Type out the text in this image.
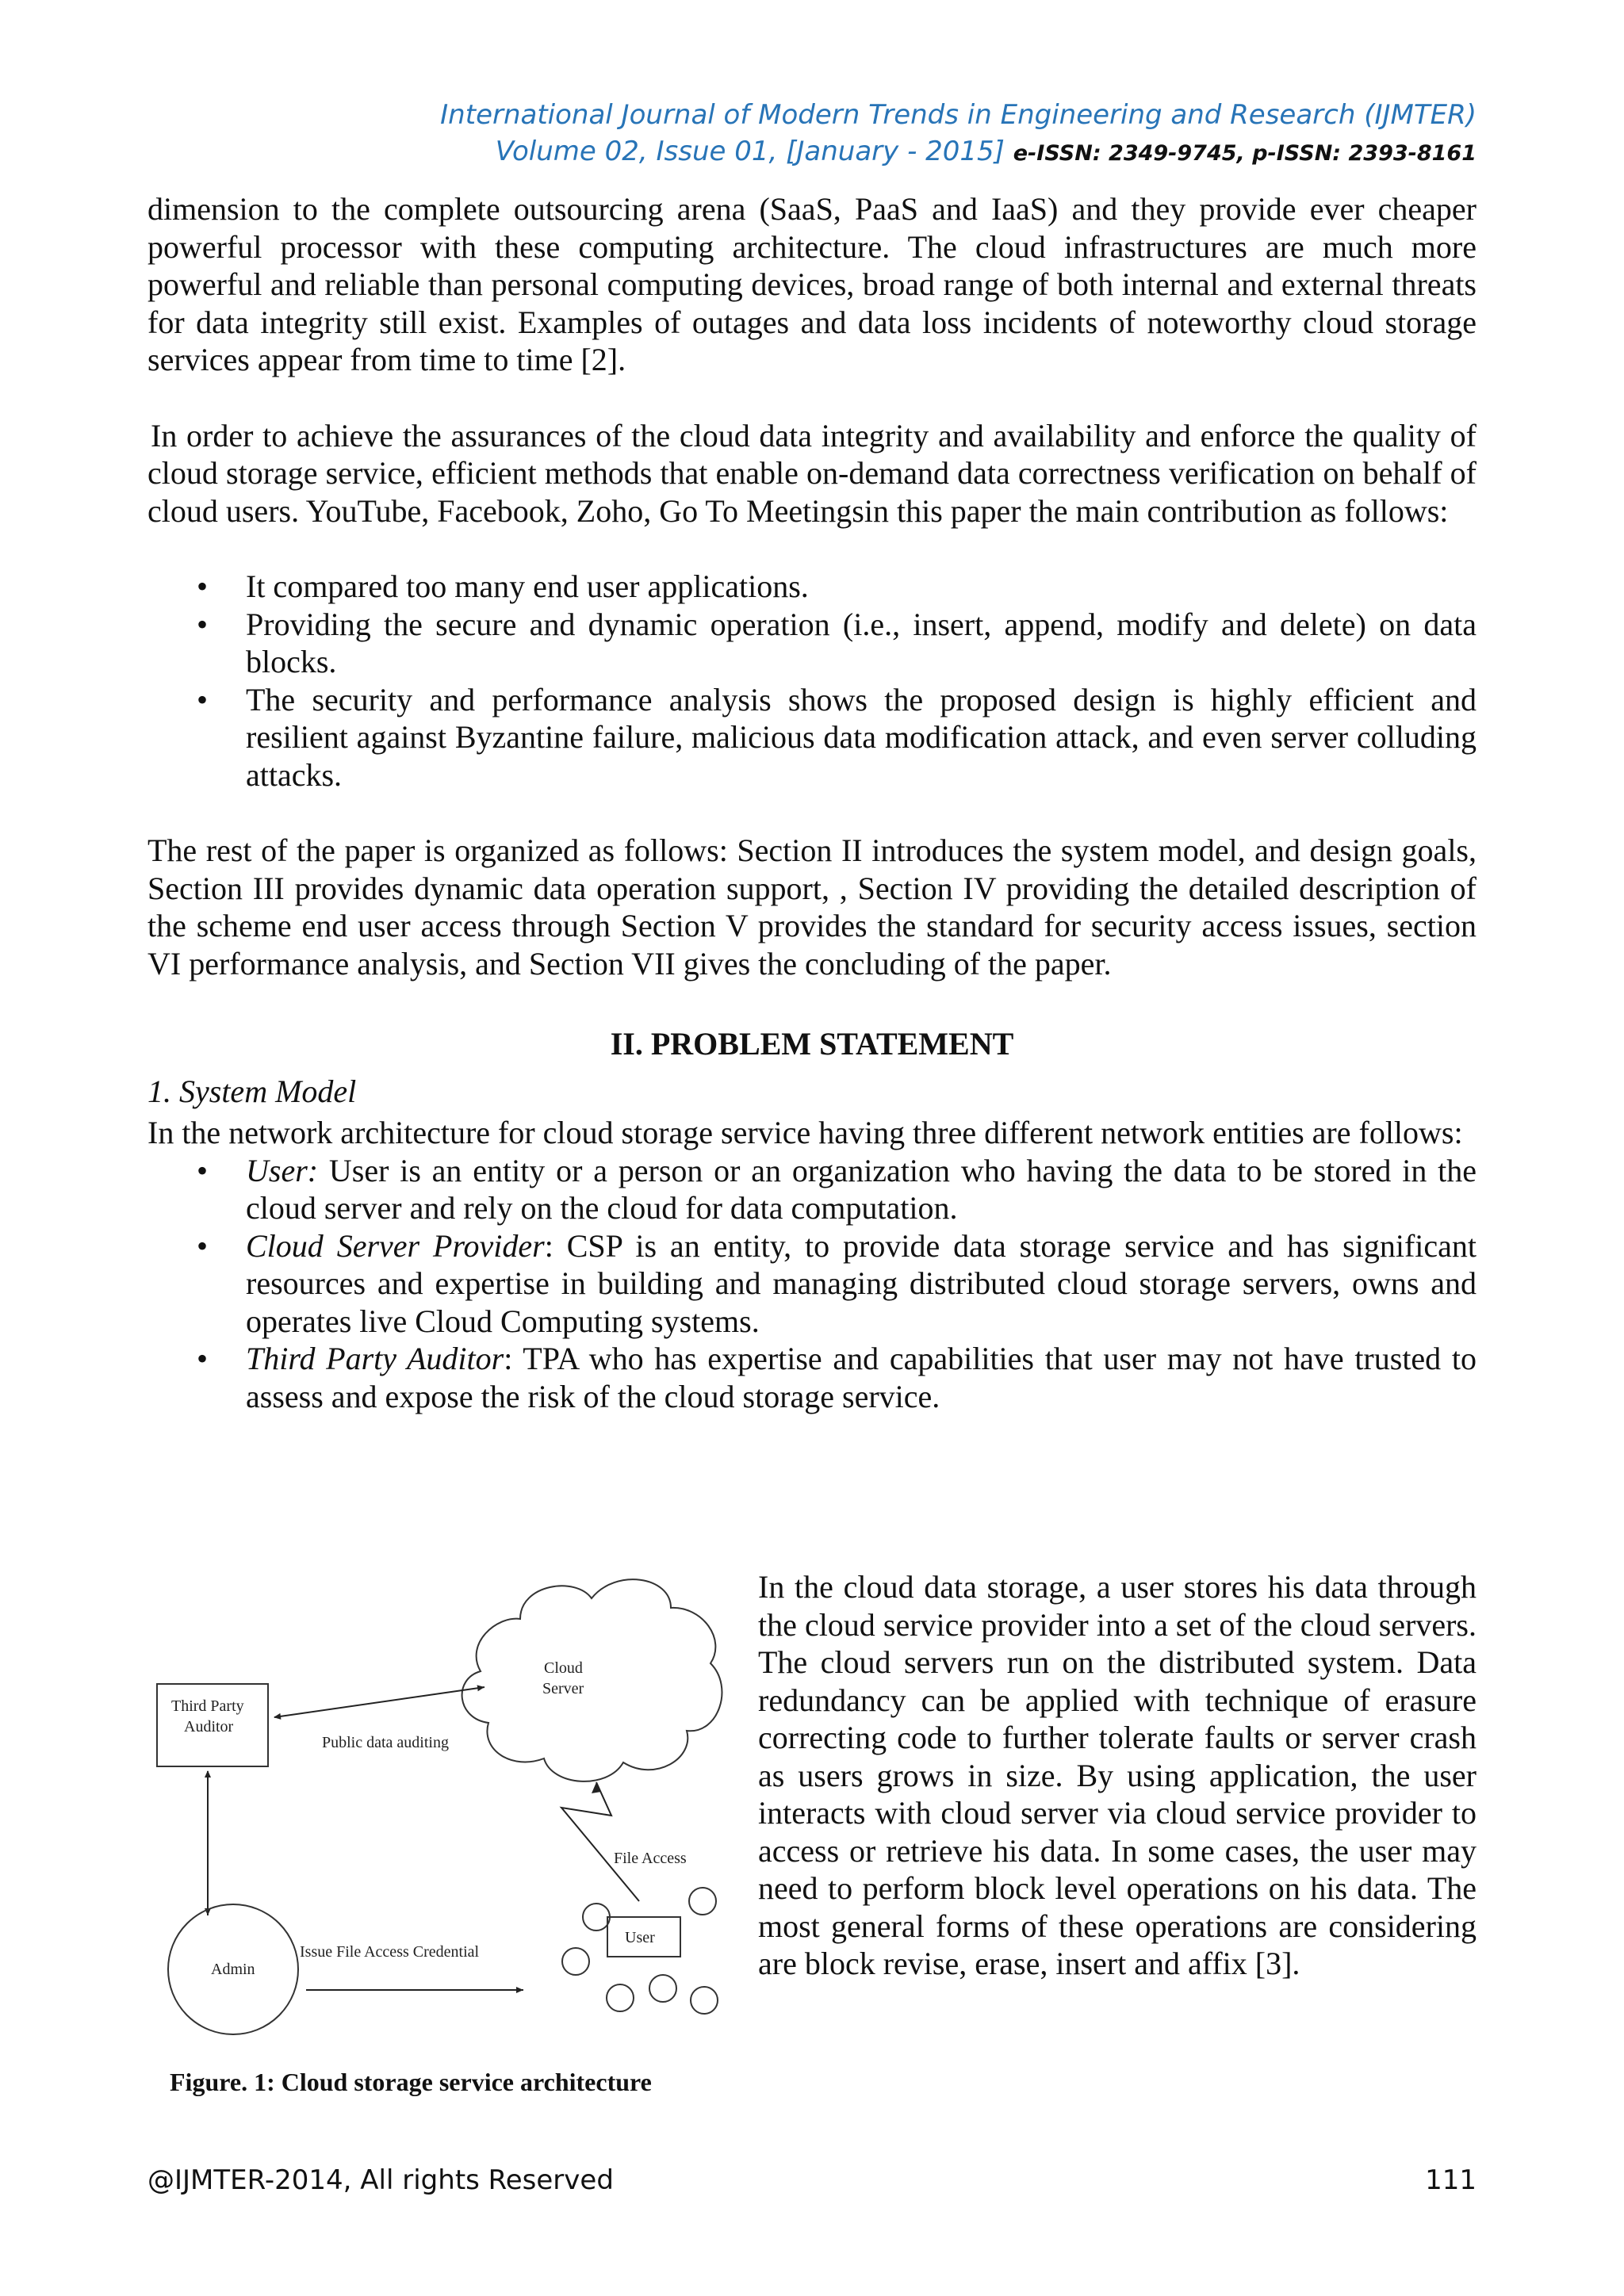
International Journal of Modern Trends in Engineering and Research (IJMTER)
Volume 02, Issue 01, [January - 2015] e-ISSN: 2349-9745, p-ISSN: 2393-8161

dimension to the complete outsourcing arena (SaaS, PaaS and IaaS) and they provide ever cheaper powerful processor with these computing architecture. The cloud infrastructures are much more powerful and reliable than personal computing devices, broad range of both internal and external threats for data integrity still exist. Examples of outages and data loss incidents of noteworthy cloud storage services appear from time to time [2].

In order to achieve the assurances of the cloud data integrity and availability and enforce the quality of cloud storage service, efficient methods that enable on-demand data correctness verification on behalf of cloud users. YouTube, Facebook, Zoho, Go To Meetingsin this paper the main contribution as follows:

• It compared too many end user applications.
• Providing the secure and dynamic operation (i.e., insert, append, modify and delete) on data blocks.
• The security and performance analysis shows the proposed design is highly efficient and resilient against Byzantine failure, malicious data modification attack, and even server colluding attacks.

The rest of the paper is organized as follows: Section II introduces the system model, and design goals, Section III provides dynamic data operation support, , Section IV providing the detailed description of the scheme end user access through Section V provides the standard for security access issues, section VI performance analysis, and Section VII gives the concluding of the paper.

II. PROBLEM STATEMENT
1. System Model

In the network architecture for cloud storage service having three different network entities are follows:

• User: User is an entity or a person or an organization who having the data to be stored in the cloud server and rely on the cloud for data computation.
• Cloud Server Provider: CSP is an entity, to provide data storage service and has significant resources and expertise in building and managing distributed cloud storage servers, owns and operates live Cloud Computing systems.
• Third Party Auditor: TPA who has expertise and capabilities that user may not have trusted to assess and expose the risk of the cloud storage service.
Cloud
Server
Third Party
Auditor
Public data auditing
Admin
Issue File Access Credential
File Access
User
Figure. 1: Cloud storage service architecture

In the cloud data storage, a user stores his data through the cloud service provider into a set of the cloud servers. The cloud servers run on the distributed system. Data redundancy can be applied with technique of erasure correcting code to further tolerate faults or server crash as users grows in size. By using application, the user interacts with cloud server via cloud service provider to access or retrieve his data. In some cases, the user may need to perform block level operations on his data. The most general forms of these operations are considering are block revise, erase, insert and affix [3].

@IJMTER-2014, All rights Reserved	111
